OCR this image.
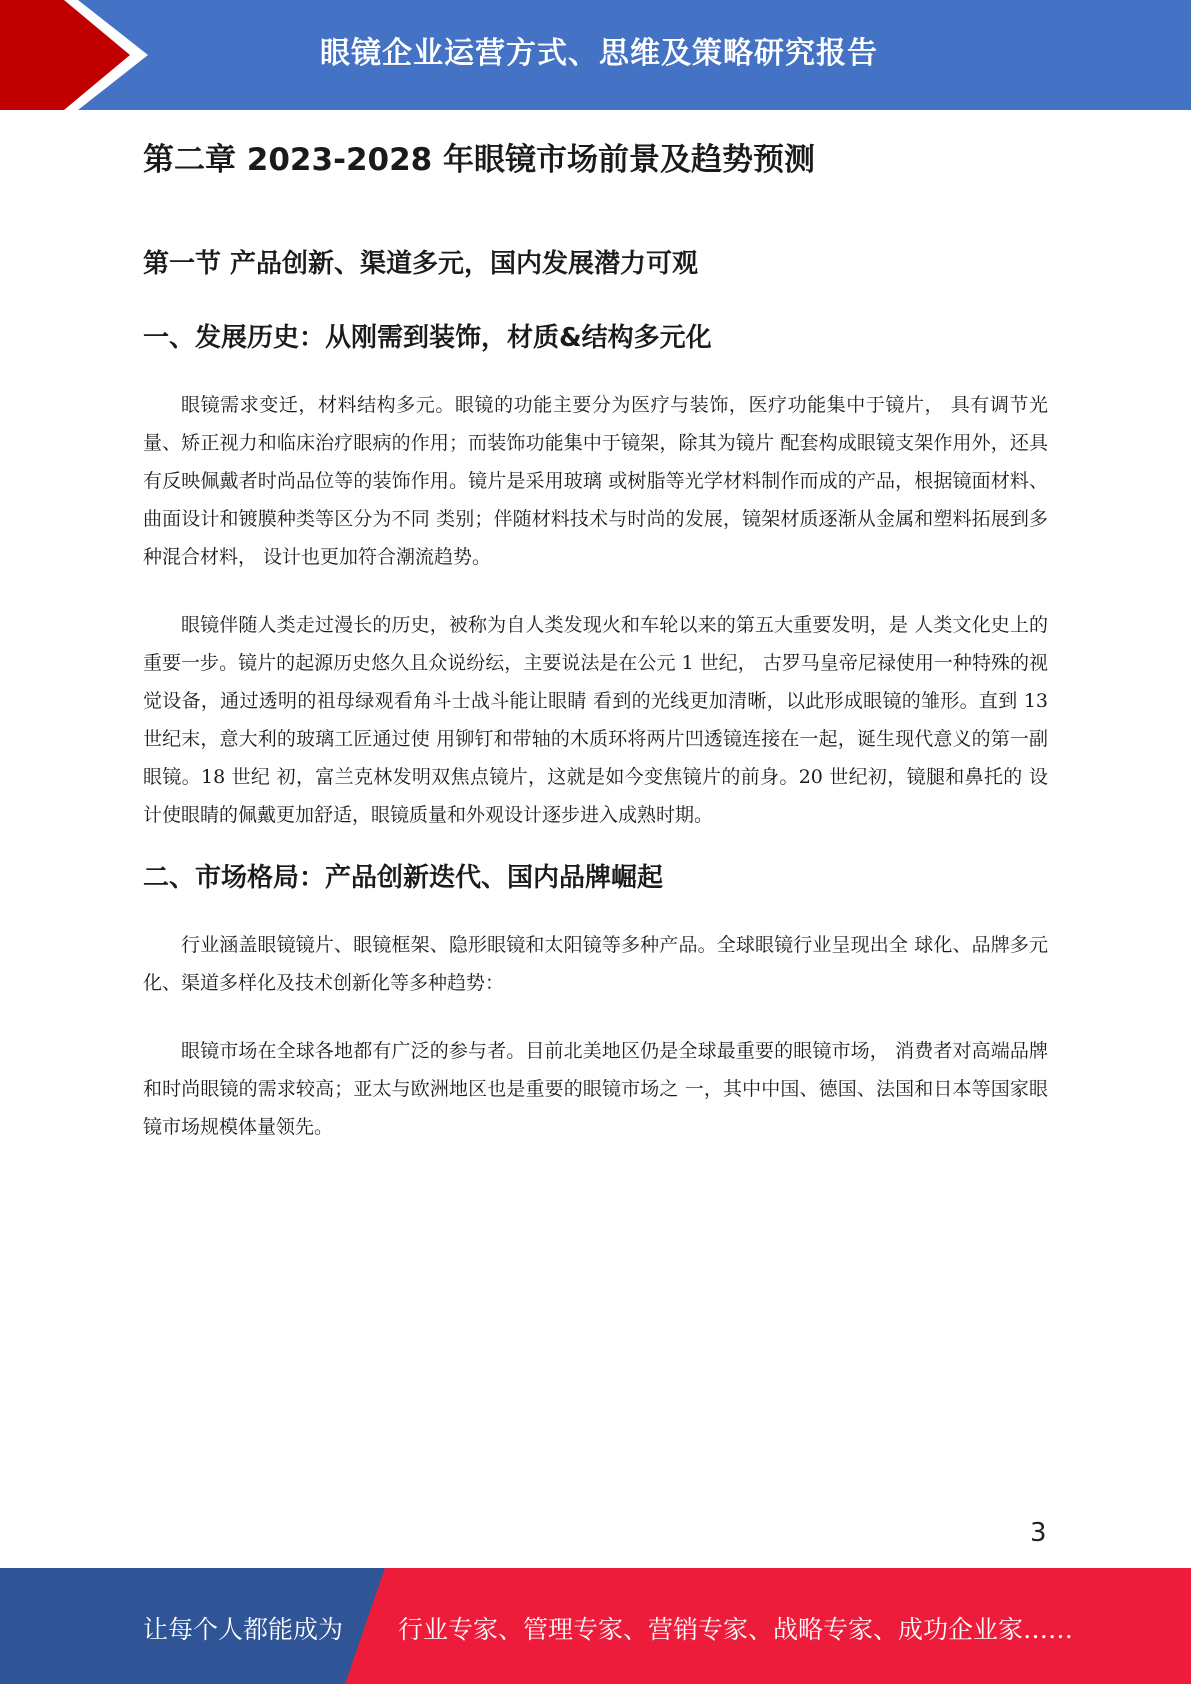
眼镜企业运营方式、思维及策略研究报告
第二章 2023-2028 年眼镜市场前景及趋势预测
第一节 产品创新、渠道多元，国内发展潜力可观
一、发展历史：从刚需到装饰，材质&结构多元化

眼镜需求变迁，材料结构多元。眼镜的功能主要分为医疗与装饰，医疗功能集中于镜片， 具有调节光量、矫正视力和临床治疗眼病的作用；而装饰功能集中于镜架，除其为镜片 配套构成眼镜支架作用外，还具有反映佩戴者时尚品位等的装饰作用。镜片是采用玻璃 或树脂等光学材料制作而成的产品，根据镜面材料、曲面设计和镀膜种类等区分为不同 类别；伴随材料技术与时尚的发展，镜架材质逐渐从金属和塑料拓展到多种混合材料， 设计也更加符合潮流趋势。

眼镜伴随人类走过漫长的历史，被称为自人类发现火和车轮以来的第五大重要发明，是 人类文化史上的重要一步。镜片的起源历史悠久且众说纷纭，主要说法是在公元 1 世纪， 古罗马皇帝尼禄使用一种特殊的视觉设备，通过透明的祖母绿观看角斗士战斗能让眼睛 看到的光线更加清晰，以此形成眼镜的雏形。直到 13 世纪末，意大利的玻璃工匠通过使 用铆钉和带轴的木质环将两片凹透镜连接在一起，诞生现代意义的第一副眼镜。18 世纪 初，富兰克林发明双焦点镜片，这就是如今变焦镜片的前身。20 世纪初，镜腿和鼻托的 设计使眼睛的佩戴更加舒适，眼镜质量和外观设计逐步进入成熟时期。

二、市场格局：产品创新迭代、国内品牌崛起

行业涵盖眼镜镜片、眼镜框架、隐形眼镜和太阳镜等多种产品。全球眼镜行业呈现出全 球化、品牌多元化、渠道多样化及技术创新化等多种趋势：

眼镜市场在全球各地都有广泛的参与者。目前北美地区仍是全球最重要的眼镜市场， 消费者对高端品牌和时尚眼镜的需求较高；亚太与欧洲地区也是重要的眼镜市场之 一，其中中国、德国、法国和日本等国家眼镜市场规模体量领先。

3
让每个人都能成为 行业专家、管理专家、营销专家、战略专家、成功企业家……
